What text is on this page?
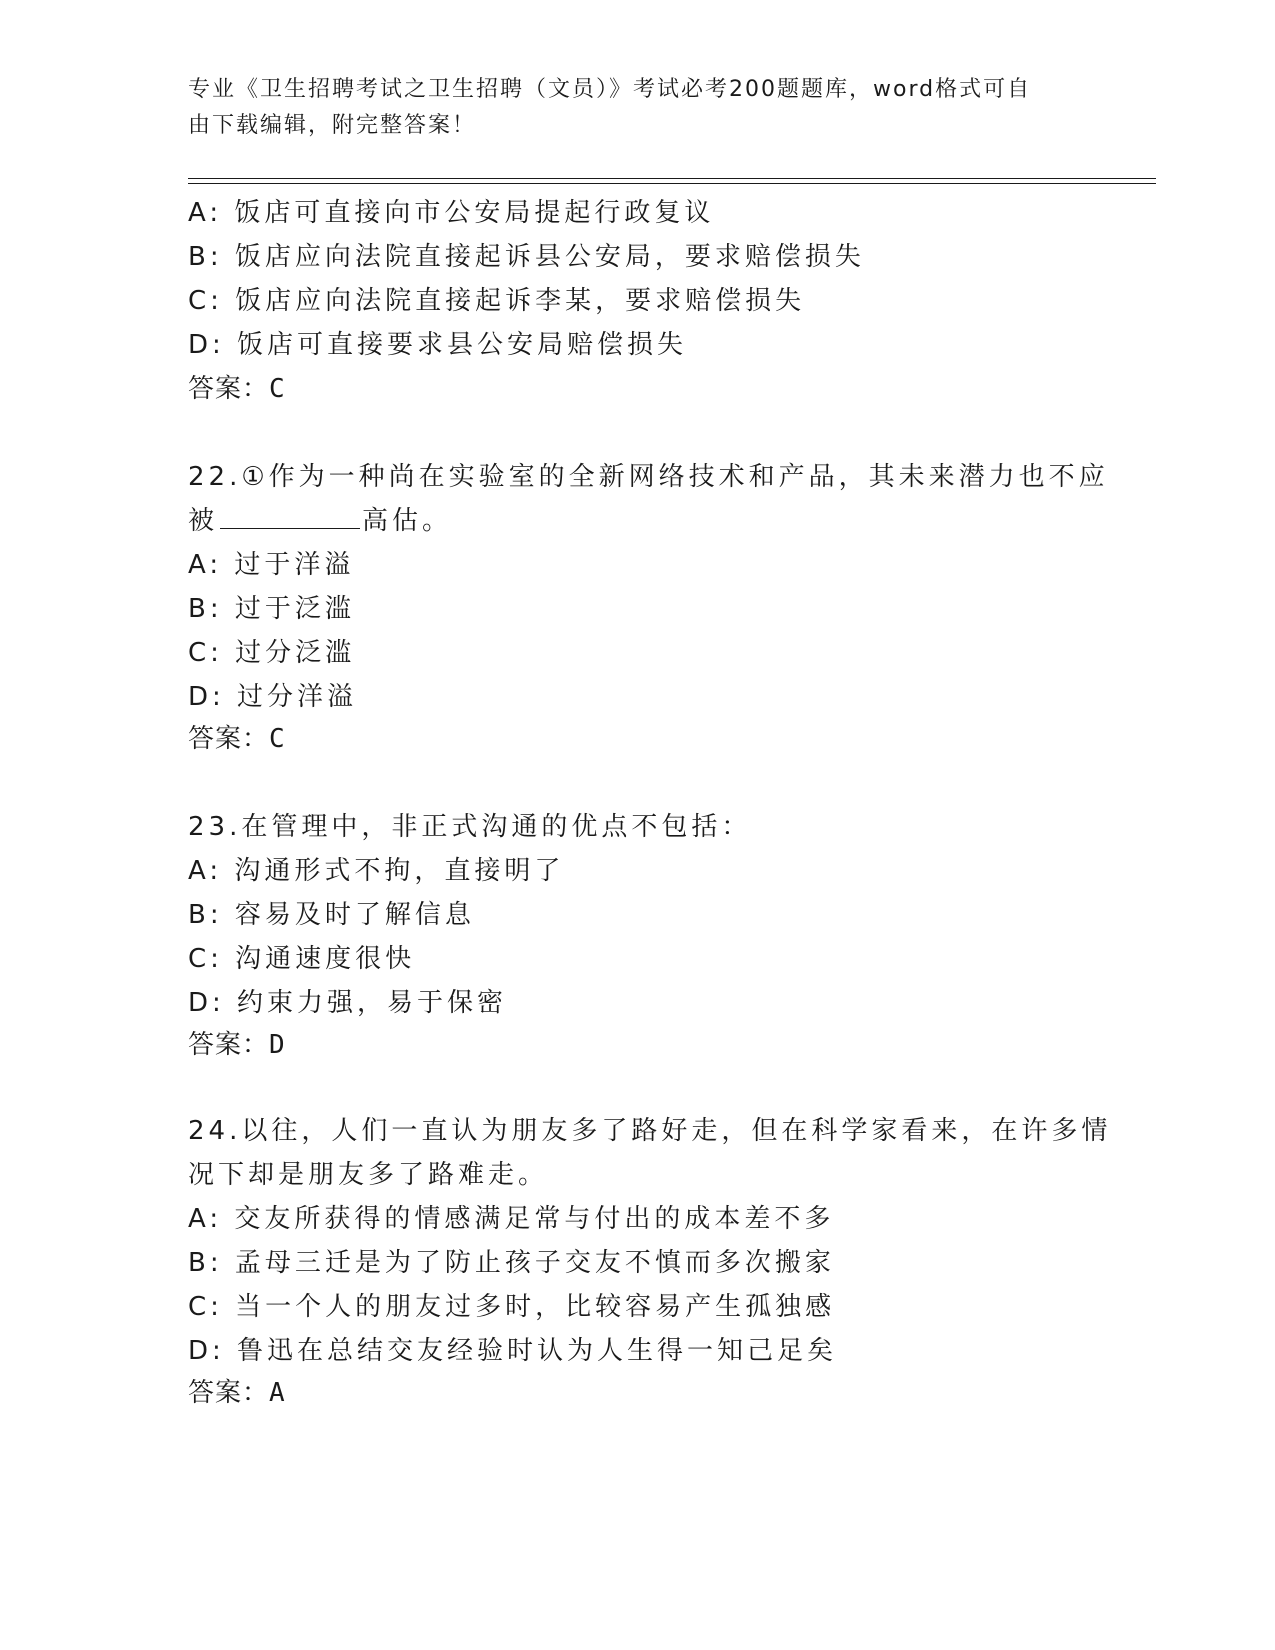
专业《卫生招聘考试之卫生招聘（文员）》考试必考200题题库，word格式可自
由下载编辑，附完整答案！
A: 饭店可直接向市公安局提起行政复议
B: 饭店应向法院直接起诉县公安局，要求赔偿损失
C: 饭店应向法院直接起诉李某，要求赔偿损失
D: 饭店可直接要求县公安局赔偿损失
答案：C
22.①作为一种尚在实验室的全新网络技术和产品，其未来潜力也不应
被	高估。
A: 过于洋溢
B: 过于泛滥
C: 过分泛滥
D: 过分洋溢
答案：C
23.在管理中，非正式沟通的优点不包括：
A: 沟通形式不拘，直接明了
B: 容易及时了解信息
C: 沟通速度很快
D: 约束力强，易于保密
答案：D
24.以往，人们一直认为朋友多了路好走，但在科学家看来，在许多情
况下却是朋友多了路难走。
A: 交友所获得的情感满足常与付出的成本差不多
B: 孟母三迁是为了防止孩子交友不慎而多次搬家
C: 当一个人的朋友过多时，比较容易产生孤独感
D: 鲁迅在总结交友经验时认为人生得一知己足矣
答案：A
